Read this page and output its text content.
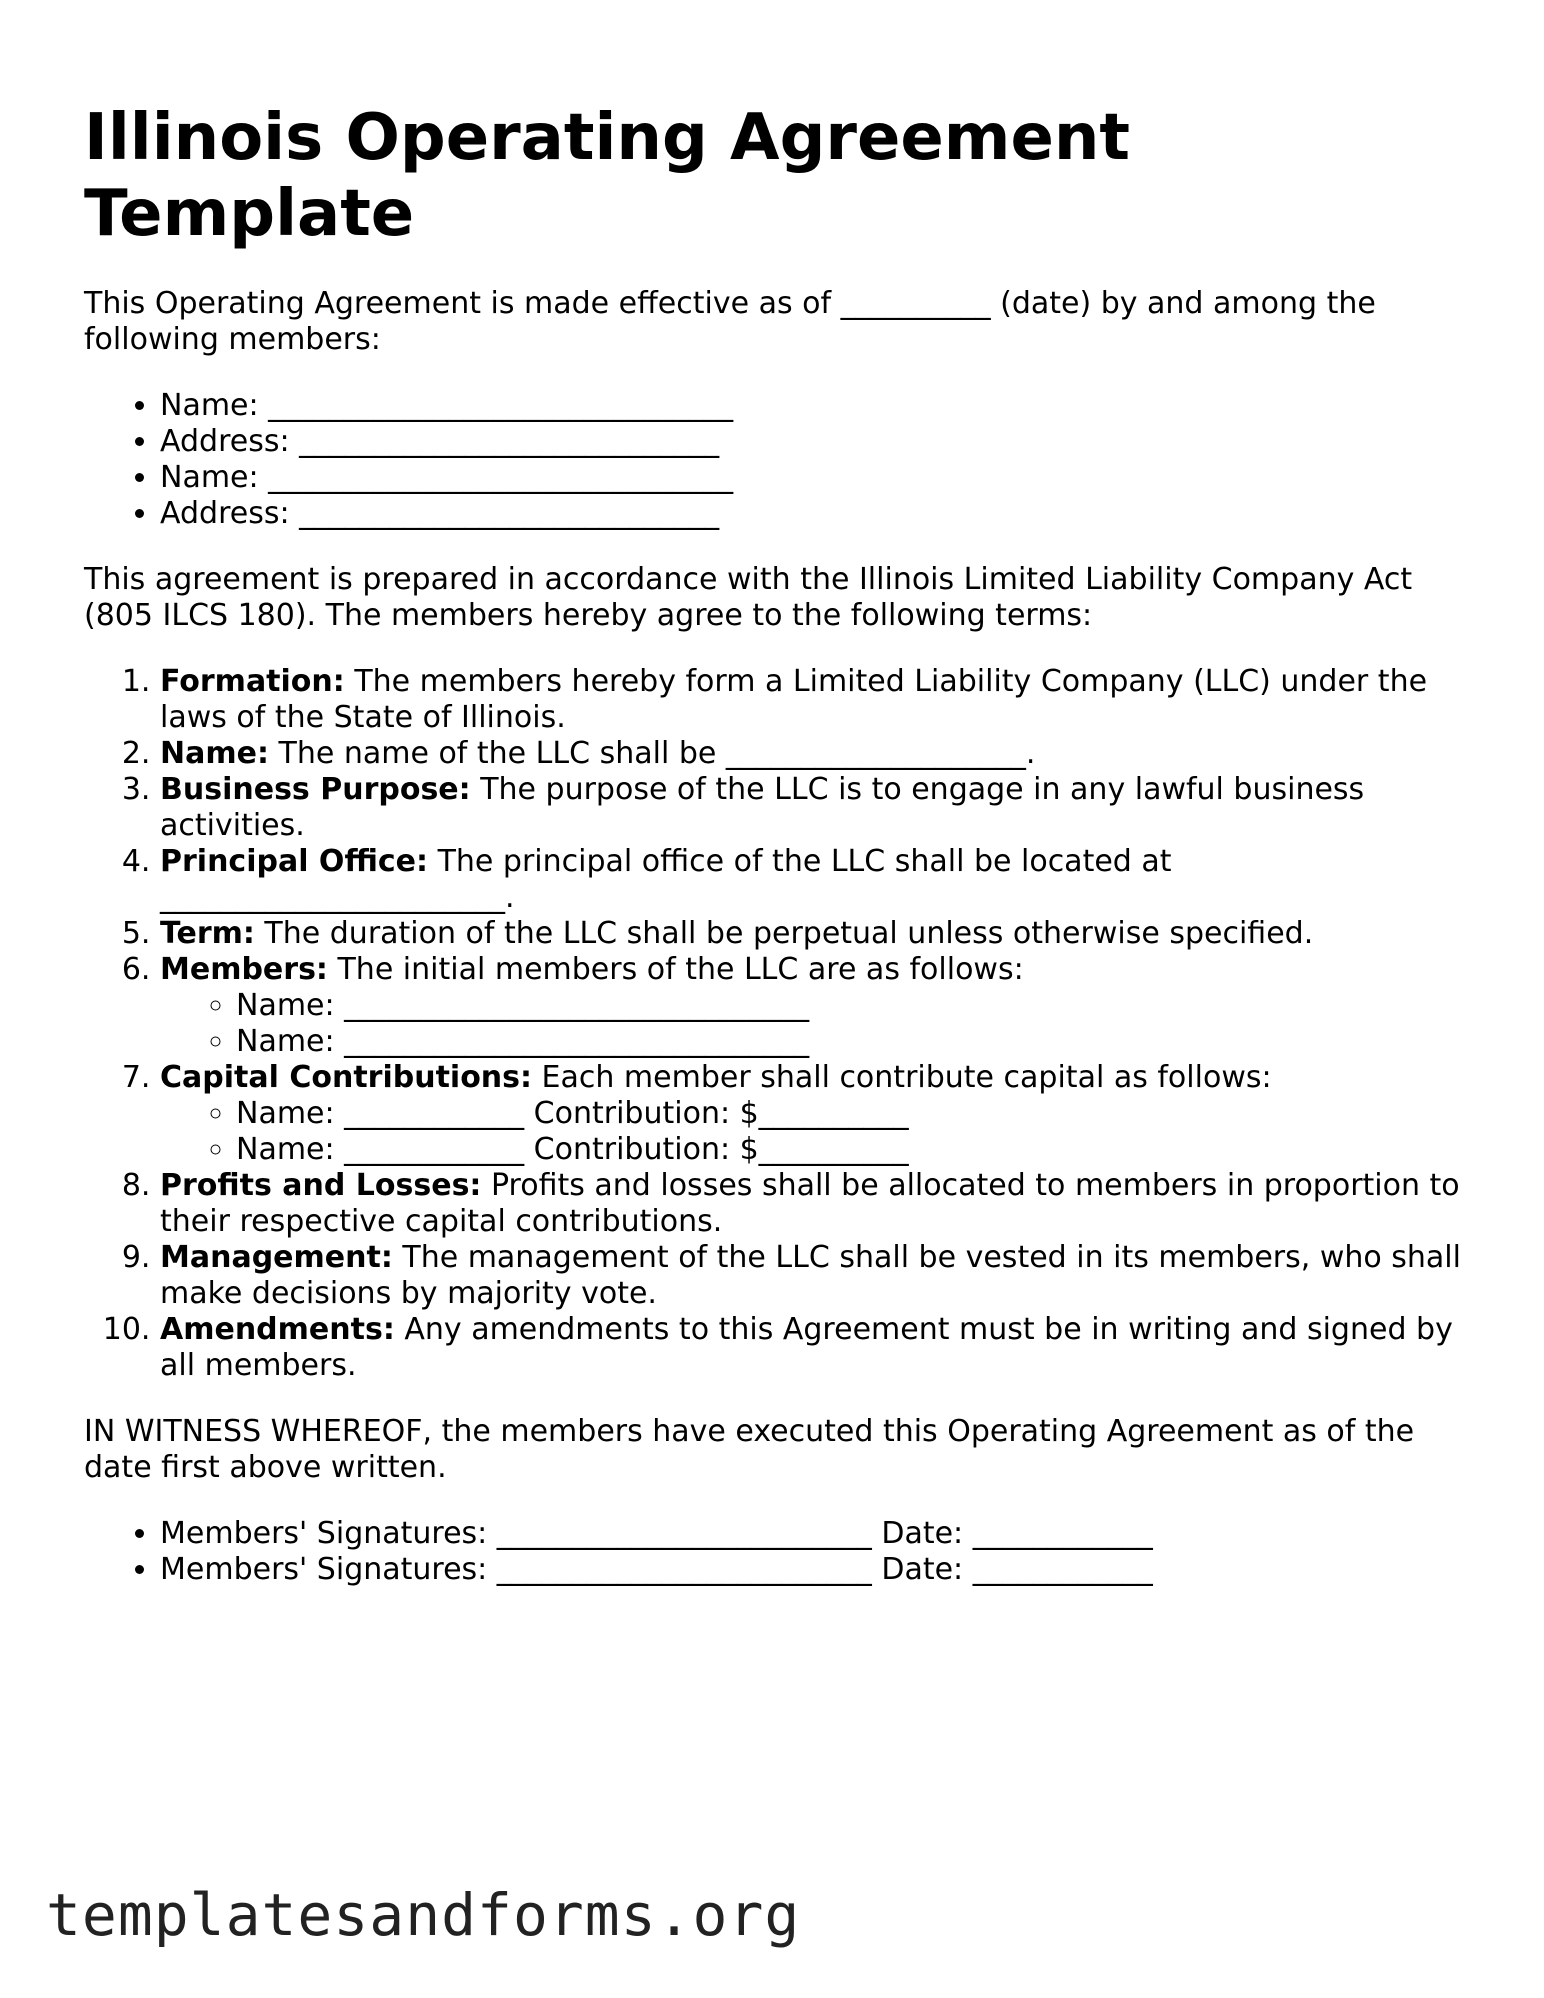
Illinois Operating Agreement Template

This Operating Agreement is made effective as of __________ (date) by and among the following members:

• Name: _______________________________
• Address: ____________________________
• Name: _______________________________
• Address: ____________________________

This agreement is prepared in accordance with the Illinois Limited Liability Company Act (805 ILCS 180). The members hereby agree to the following terms:

1. Formation: The members hereby form a Limited Liability Company (LLC) under the laws of the State of Illinois.
2. Name: The name of the LLC shall be ____________________.
3. Business Purpose: The purpose of the LLC is to engage in any lawful business activities.
4. Principal Office: The principal office of the LLC shall be located at _______________________.
5. Term: The duration of the LLC shall be perpetual unless otherwise specified.
6. Members: The initial members of the LLC are as follows:
◦ Name: _______________________________
◦ Name: _______________________________
7. Capital Contributions: Each member shall contribute capital as follows:
◦ Name: ____________ Contribution: $__________
◦ Name: ____________ Contribution: $__________
8. Profits and Losses: Profits and losses shall be allocated to members in proportion to their respective capital contributions.
9. Management: The management of the LLC shall be vested in its members, who shall make decisions by majority vote.
10. Amendments: Any amendments to this Agreement must be in writing and signed by all members.

IN WITNESS WHEREOF, the members have executed this Operating Agreement as of the date first above written.

• Members' Signatures: _________________________ Date: ____________
• Members' Signatures: _________________________ Date: ____________
templatesandforms.org
